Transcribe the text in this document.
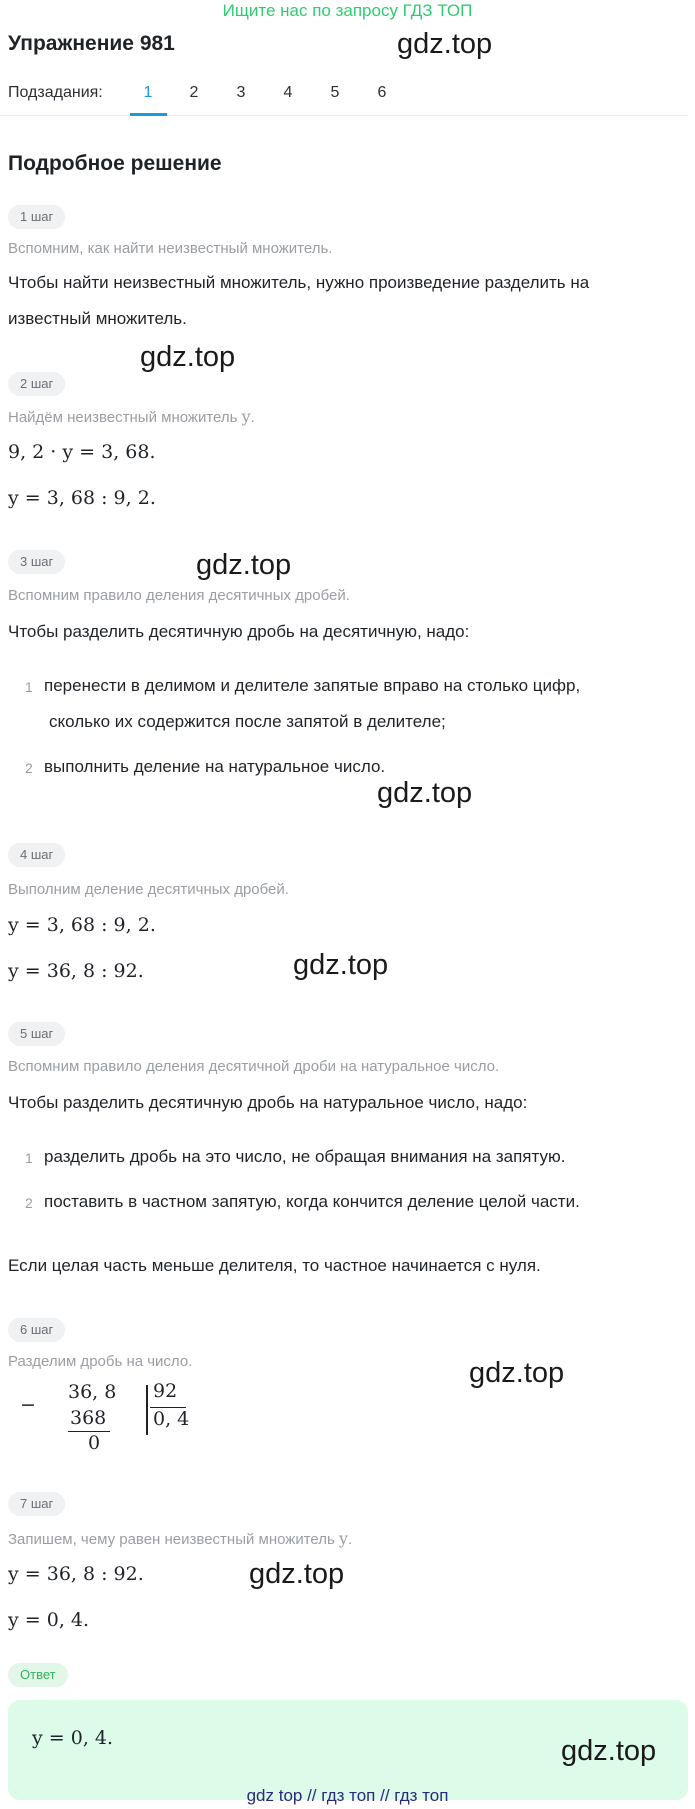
Ищите нас по запросу ГДЗ ТОП
Упражнение 981	gdz.top
Подзадания:	1 2 3 4 5 6
Подробное решение
1 шаг
Вспомним, как найти неизвестный множитель.
Чтобы найти неизвестный множитель, нужно произведение разделить на
известный множитель.
gdz.top
2 шаг
Найдём неизвестный множитель y.
9, 2 · y = 3, 68.
y = 3, 68 : 9, 2.
3 шаг	gdz.top
Вспомним правило деления десятичных дробей.
Чтобы разделить десятичную дробь на десятичную, надо:
1 перенести в делимом и делителе запятые вправо на столько цифр,
сколько их содержится после запятой в делителе;
2 выполнить деление на натуральное число.
gdz.top
4 шаг
Выполним деление десятичных дробей.
y = 3, 68 : 9, 2.
y = 36, 8 : 92.	gdz.top
5 шаг
Вспомним правило деления десятичной дроби на натуральное число.
Чтобы разделить десятичную дробь на натуральное число, надо:
1 разделить дробь на это число, не обращая внимания на запятую.
2 поставить в частном запятую, когда кончится деление целой части.
Если целая часть меньше делителя, то частное начинается с нуля.
6 шаг
Разделим дробь на число.	gdz.top
−
36, 8
368
0
92
0, 4
7 шаг
Запишем, чему равен неизвестный множитель y.
y = 36, 8 : 92.	gdz.top
y = 0, 4.
Ответ
y = 0, 4.	gdz.top
gdz top // гдз топ // гдз топ
